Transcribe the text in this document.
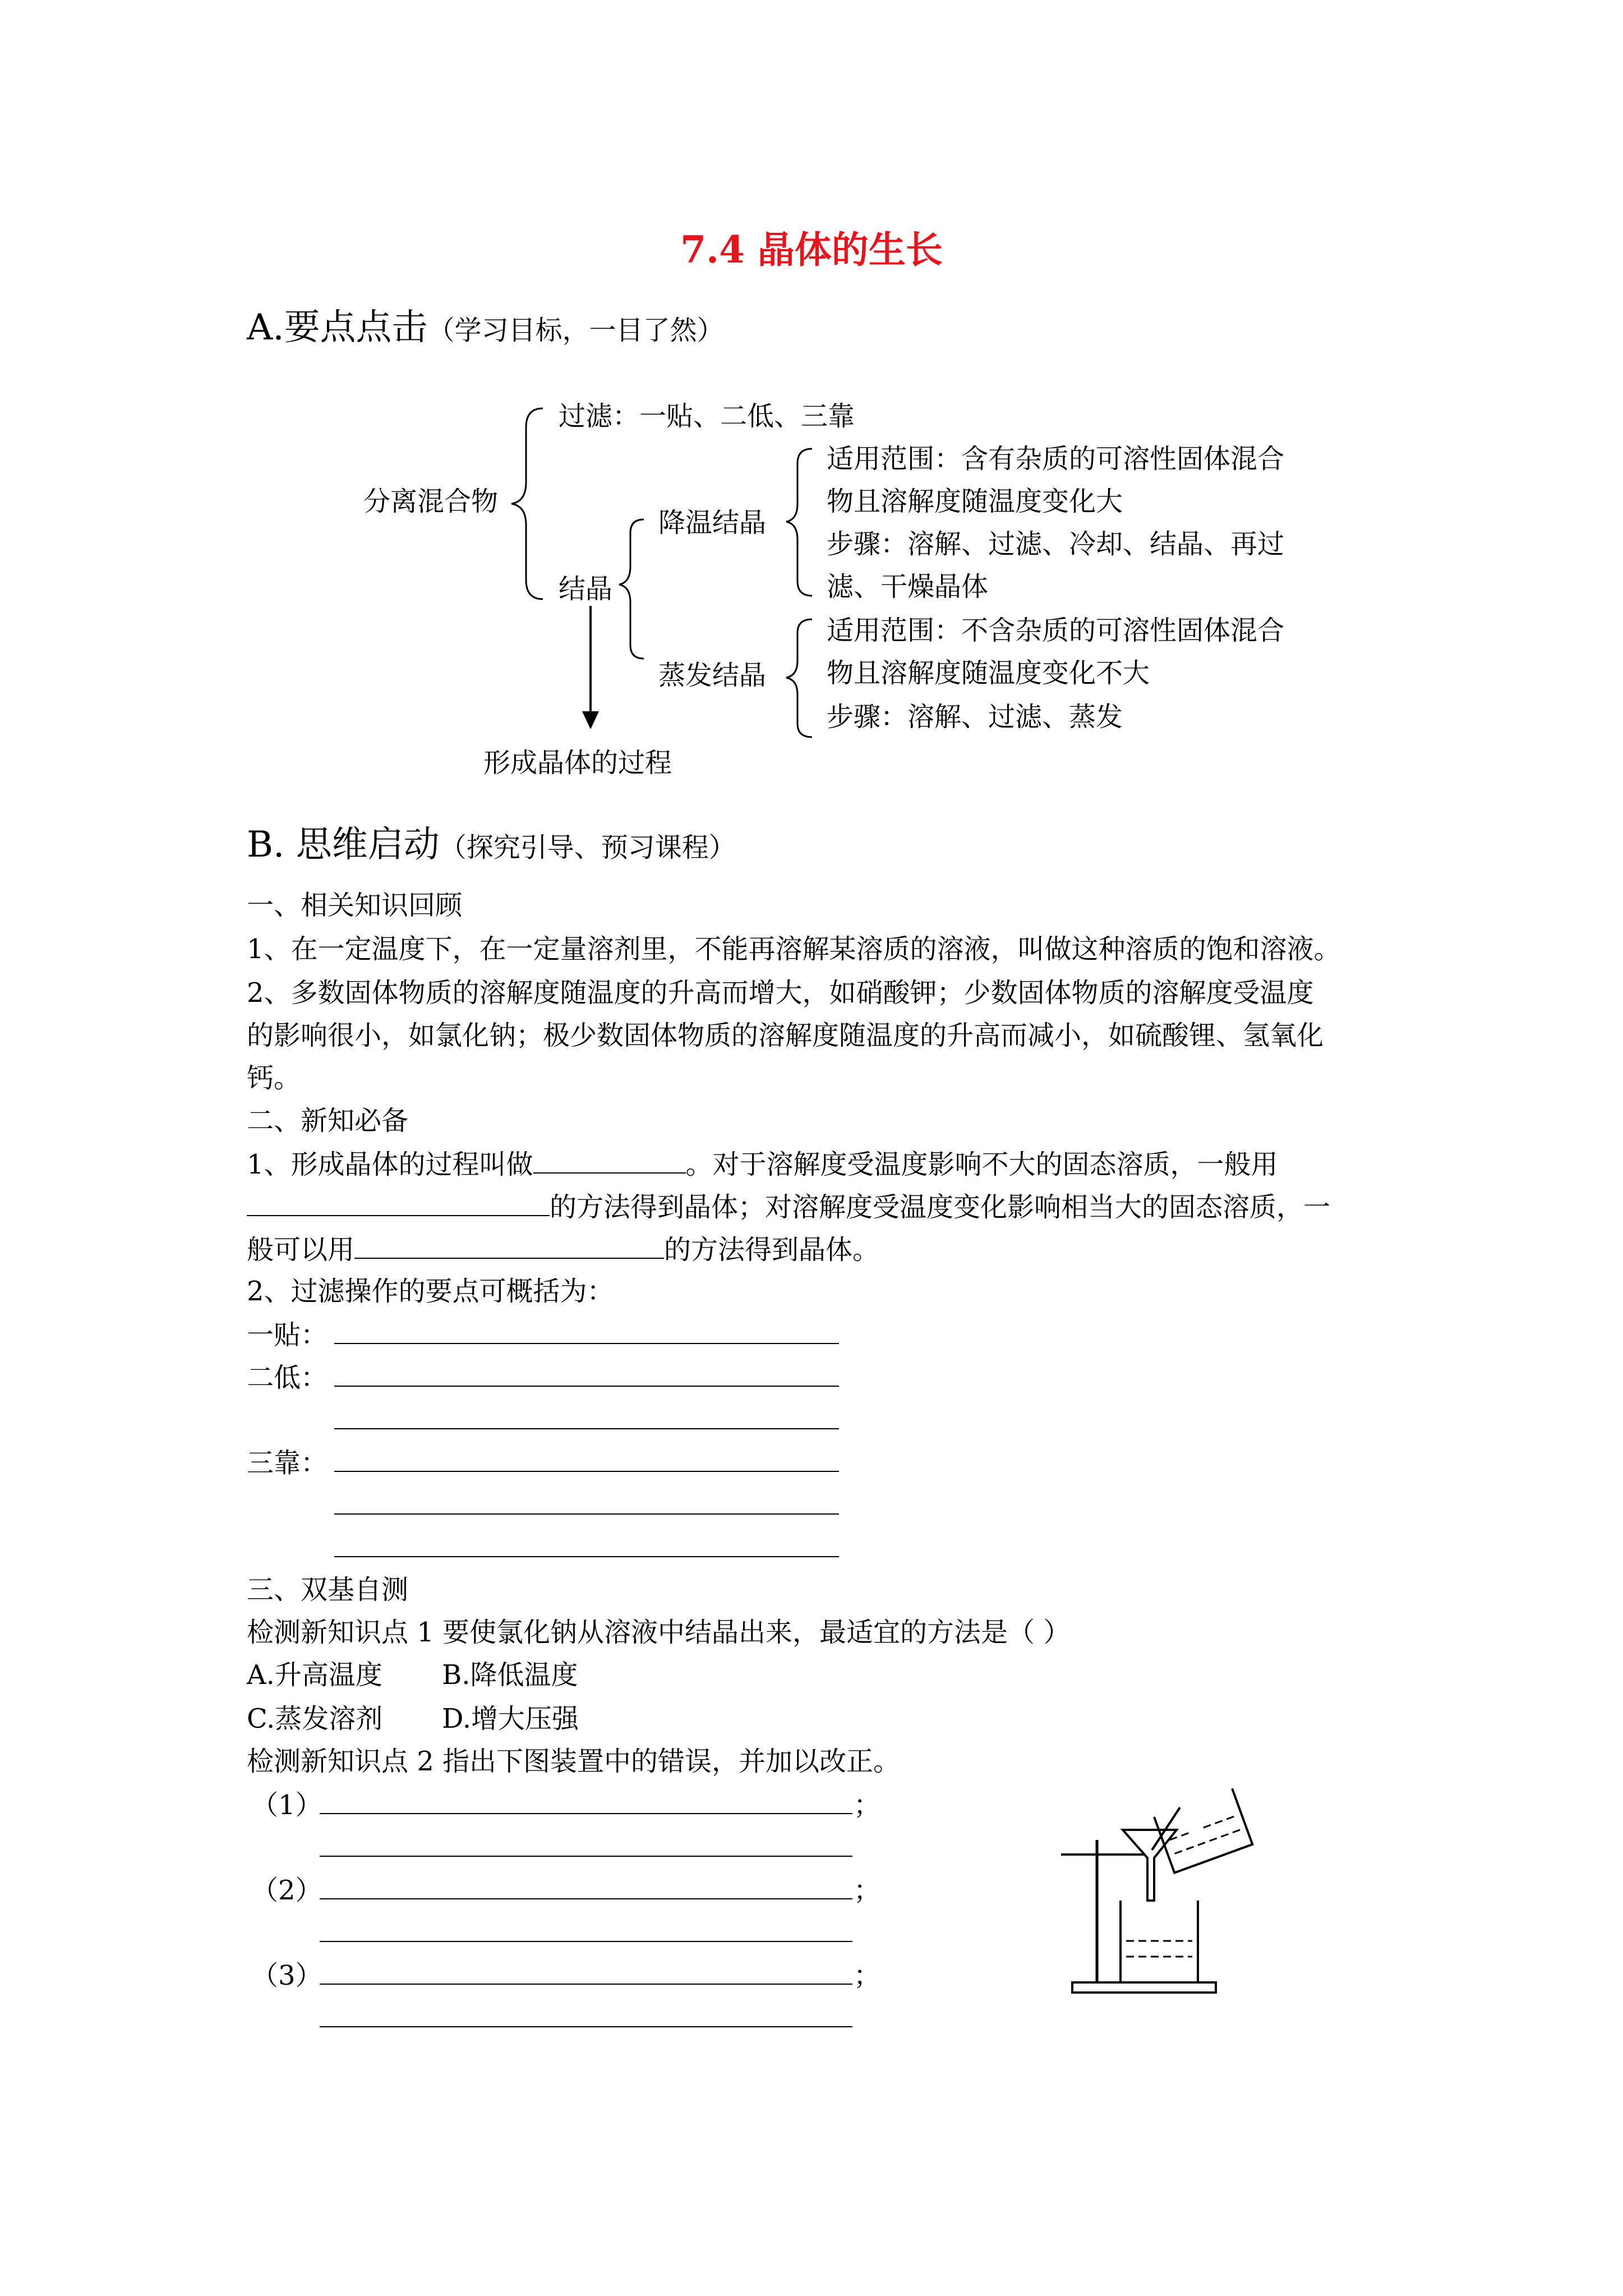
7.4 晶体的生长
A.要点点击（学习目标，一目了然）
分离混合物
过滤：一贴、二低、三靠
结晶
降温结晶
适用范围：含有杂质的可溶性固体混合
物且溶解度随温度变化大
步骤：溶解、过滤、冷却、结晶、再过
滤、干燥晶体
蒸发结晶
适用范围：不含杂质的可溶性固体混合
物且溶解度随温度变化不大
步骤：溶解、过滤、蒸发
形成晶体的过程
B. 思维启动（探究引导、预习课程）
一、相关知识回顾
1、在一定温度下，在一定量溶剂里，不能再溶解某溶质的溶液，叫做这种溶质的饱和溶液。
2、多数固体物质的溶解度随温度的升高而增大，如硝酸钾；少数固体物质的溶解度受温度
的影响很小，如氯化钠；极少数固体物质的溶解度随温度的升高而减小，如硫酸锂、氢氧化
钙。
二、新知必备
1、形成晶体的过程叫做	。对于溶解度受温度影响不大的固态溶质，一般用
的方法得到晶体；对溶解度受温度变化影响相当大的固态溶质，一
般可以用	的方法得到晶体。
2、过滤操作的要点可概括为：
一贴：
二低：
三靠：
三、双基自测
检测新知识点 1 要使氯化钠从溶液中结晶出来，最适宜的方法是（ ）
A.升高温度 B.降低温度
C.蒸发溶剂 D.增大压强
检测新知识点 2 指出下图装置中的错误，并加以改正。
（1）	；
（2）	；
（3）	；
